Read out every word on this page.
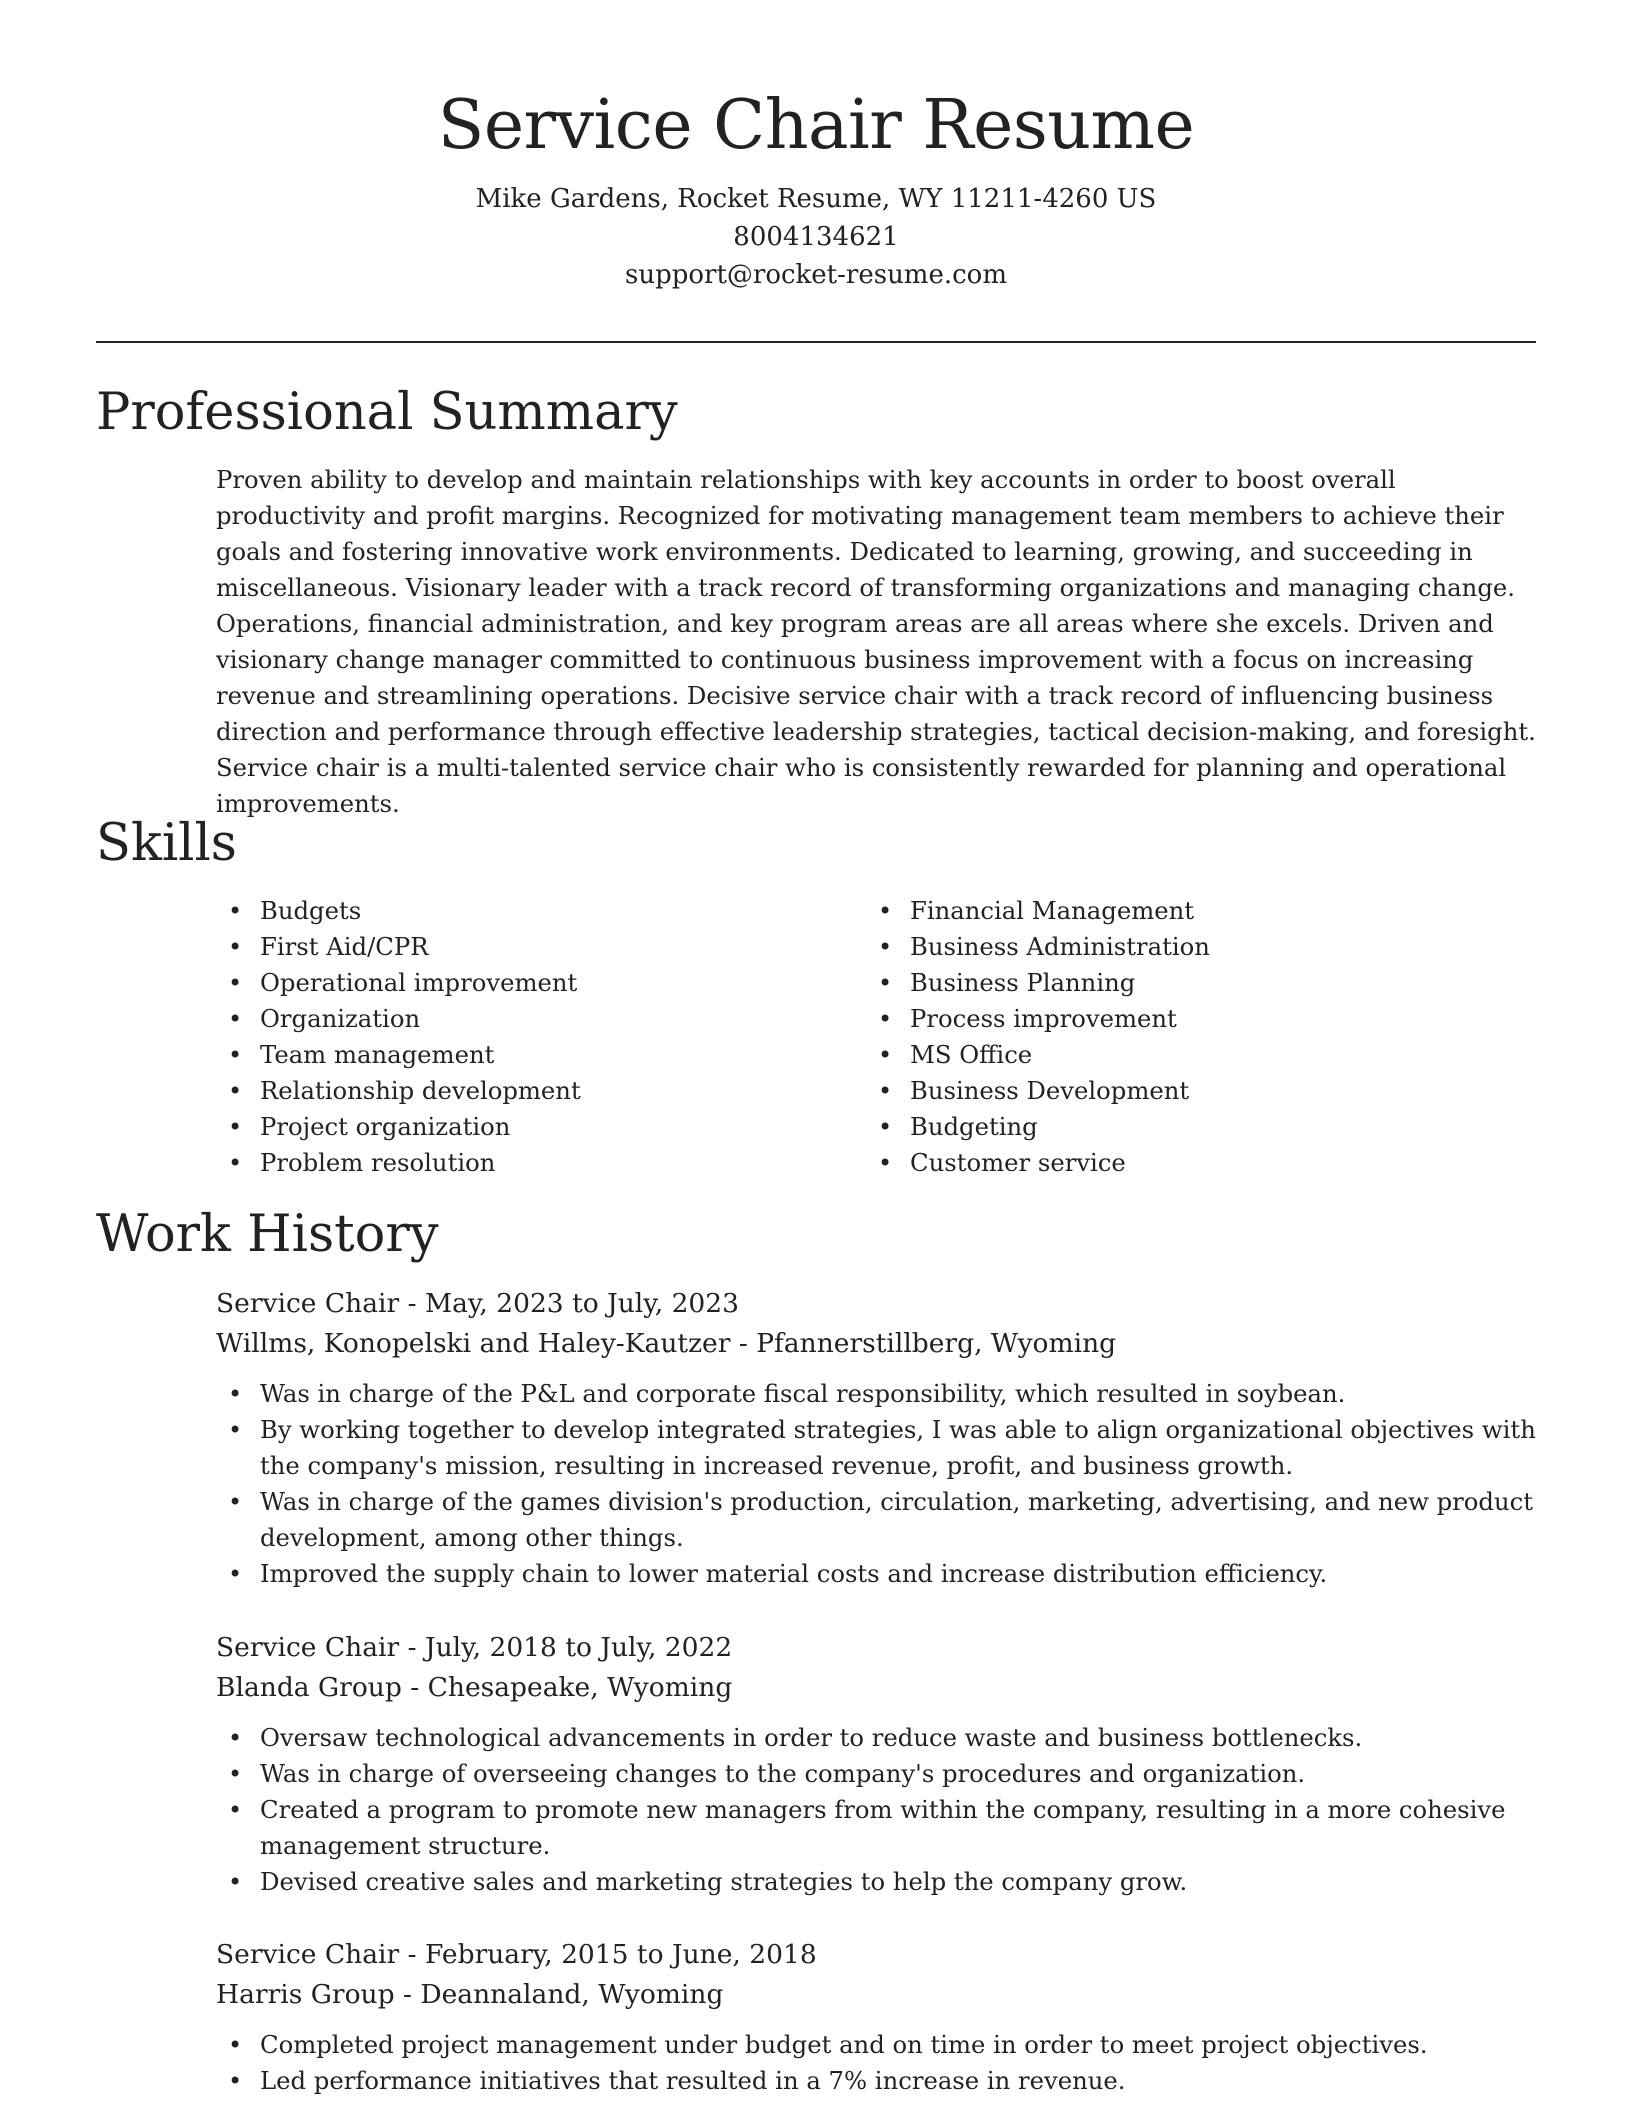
Service Chair Resume
Mike Gardens, Rocket Resume, WY 11211-4260 US
8004134621
support@rocket-resume.com
Professional Summary

Proven ability to develop and maintain relationships with key accounts in order to boost overall productivity and profit margins. Recognized for motivating management team members to achieve their goals and fostering innovative work environments. Dedicated to learning, growing, and succeeding in miscellaneous. Visionary leader with a track record of transforming organizations and managing change. Operations, financial administration, and key program areas are all areas where she excels. Driven and visionary change manager committed to continuous business improvement with a focus on increasing revenue and streamlining operations. Decisive service chair with a track record of influencing business direction and performance through effective leadership strategies, tactical decision-making, and foresight. Service chair is a multi-talented service chair who is consistently rewarded for planning and operational improvements.

Skills
• Budgets
• First Aid/CPR
• Operational improvement
• Organization
• Team management
• Relationship development
• Project organization
• Problem resolution
• Financial Management
• Business Administration
• Business Planning
• Process improvement
• MS Office
• Business Development
• Budgeting
• Customer service
Work History
Service Chair - May, 2023 to July, 2023
Willms, Konopelski and Haley-Kautzer - Pfannerstillberg, Wyoming
• Was in charge of the P&L and corporate fiscal responsibility, which resulted in soybean.
• By working together to develop integrated strategies, I was able to align organizational objectives with the company's mission, resulting in increased revenue, profit, and business growth.
• Was in charge of the games division's production, circulation, marketing, advertising, and new product development, among other things.
• Improved the supply chain to lower material costs and increase distribution efficiency.
Service Chair - July, 2018 to July, 2022
Blanda Group - Chesapeake, Wyoming
• Oversaw technological advancements in order to reduce waste and business bottlenecks.
• Was in charge of overseeing changes to the company's procedures and organization.
• Created a program to promote new managers from within the company, resulting in a more cohesive management structure.
• Devised creative sales and marketing strategies to help the company grow.
Service Chair - February, 2015 to June, 2018
Harris Group - Deannaland, Wyoming
• Completed project management under budget and on time in order to meet project objectives.
• Led performance initiatives that resulted in a 7% increase in revenue.
